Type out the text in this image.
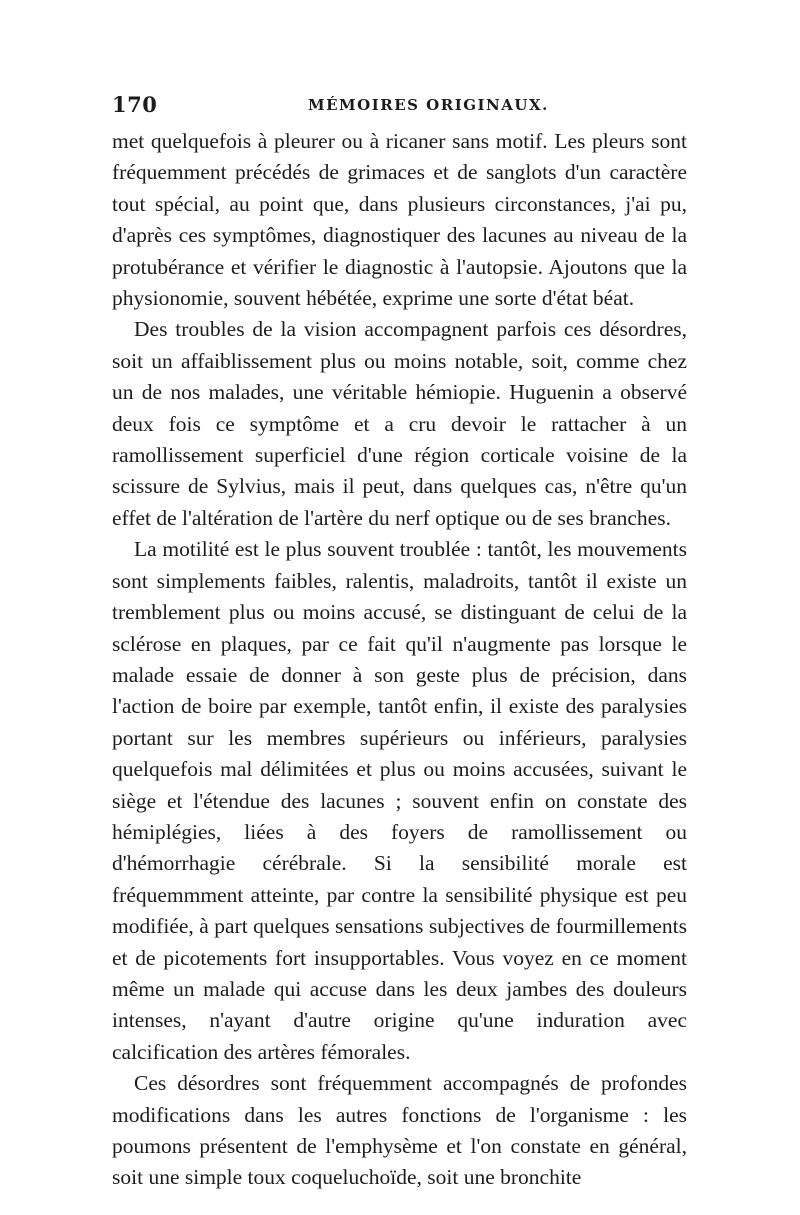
170	MÉMOIRES ORIGINAUX.

met quelquefois à pleurer ou à ricaner sans motif. Les pleurs sont fréquemment précédés de grimaces et de sanglots d'un caractère tout spécial, au point que, dans plusieurs circonstances, j'ai pu, d'après ces symptômes, diagnostiquer des lacunes au niveau de la protubérance et vérifier le diagnostic à l'autopsie. Ajoutons que la physionomie, souvent hébétée, exprime une sorte d'état béat.

Des troubles de la vision accompagnent parfois ces désordres, soit un affaiblissement plus ou moins notable, soit, comme chez un de nos malades, une véritable hémiopie. Huguenin a observé deux fois ce symptôme et a cru devoir le rattacher à un ramollissement superficiel d'une région corticale voisine de la scissure de Sylvius, mais il peut, dans quelques cas, n'être qu'un effet de l'altération de l'artère du nerf optique ou de ses branches.

La motilité est le plus souvent troublée : tantôt, les mouvements sont simplements faibles, ralentis, maladroits, tantôt il existe un tremblement plus ou moins accusé, se distinguant de celui de la sclérose en plaques, par ce fait qu'il n'augmente pas lorsque le malade essaie de donner à son geste plus de précision, dans l'action de boire par exemple, tantôt enfin, il existe des paralysies portant sur les membres supérieurs ou inférieurs, paralysies quelquefois mal délimitées et plus ou moins accusées, suivant le siège et l'étendue des lacunes ; souvent enfin on constate des hémiplégies, liées à des foyers de ramollissement ou d'hémorrhagie cérébrale. Si la sensibilité morale est fréquemmment atteinte, par contre la sensibilité physique est peu modifiée, à part quelques sensations subjectives de fourmillements et de picotements fort insupportables. Vous voyez en ce moment même un malade qui accuse dans les deux jambes des douleurs intenses, n'ayant d'autre origine qu'une induration avec calcification des artères fémorales.

Ces désordres sont fréquemment accompagnés de profondes modifications dans les autres fonctions de l'organisme : les poumons présentent de l'emphysème et l'on constate en général, soit une simple toux coqueluchoïde, soit une bronchite
